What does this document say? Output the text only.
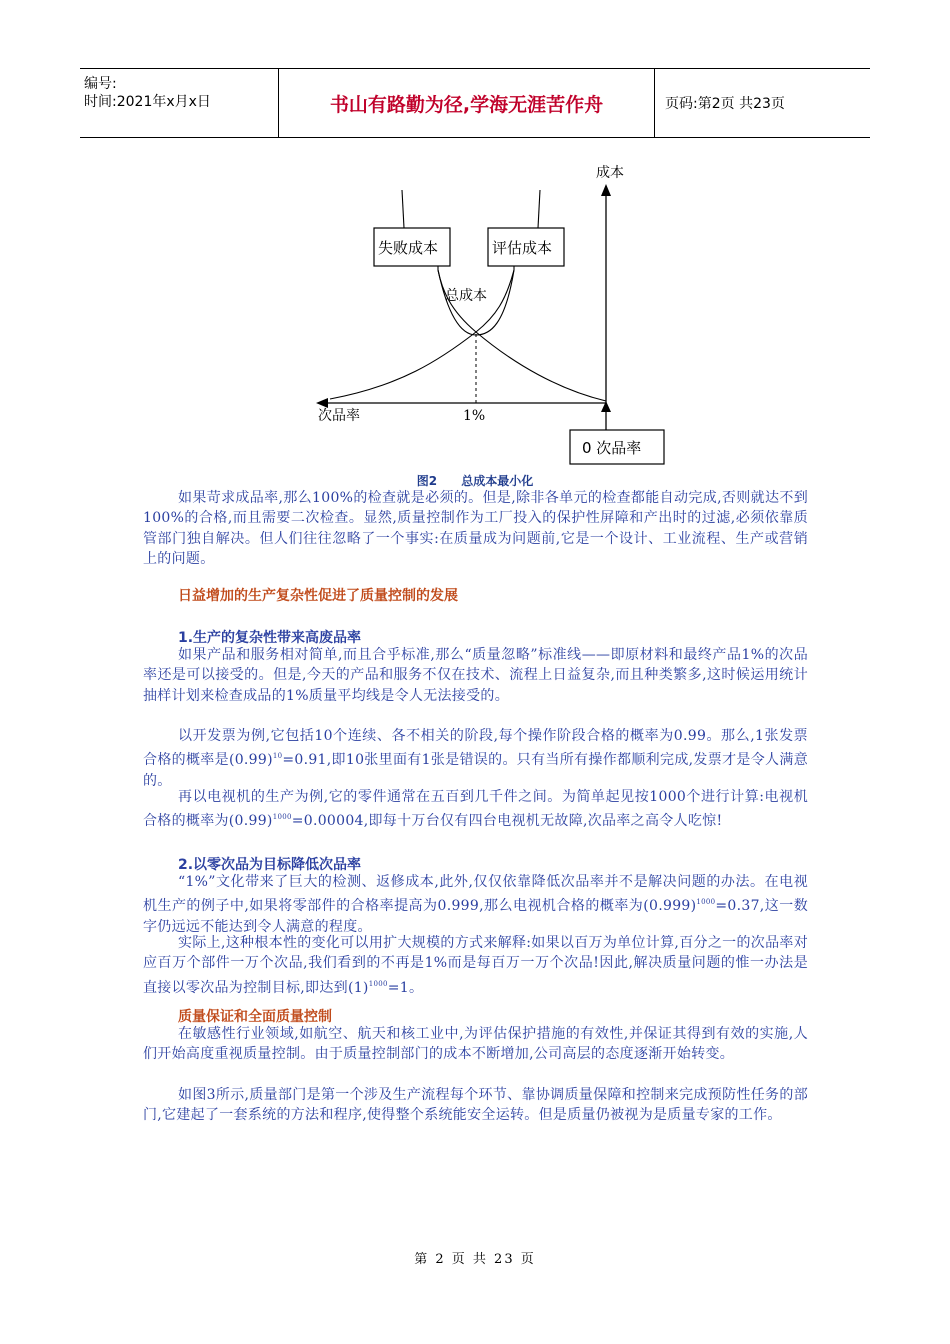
编号:
时间:2021年x月x日	书山有路勤为径,学海无涯苦作舟	页码:第2页 共23页
成本
次品率
0 次品率
总成本
1%
失败成本	评估成本
图2 总成本最小化

如果苛求成品率,那么100%的检查就是必须的。但是,除非各单元的检查都能自动完成,否则就达不到100%的合格,而且需要二次检查。显然,质量控制作为工厂投入的保护性屏障和产出时的过滤,必须依靠质管部门独自解决。但人们往往忽略了一个事实:在质量成为问题前,它是一个设计、工业流程、生产或营销上的问题。

日益增加的生产复杂性促进了质量控制的发展
1.生产的复杂性带来高废品率

如果产品和服务相对简单,而且合乎标准,那么“质量忽略”标准线——即原材料和最终产品1%的次品率还是可以接受的。但是,今天的产品和服务不仅在技术、流程上日益复杂,而且种类繁多,这时候运用统计抽样计划来检查成品的1%质量平均线是令人无法接受的。

以开发票为例,它包括10个连续、各不相关的阶段,每个操作阶段合格的概率为0.99。那么,1张发票合格的概率是$(0.99)^{10}=0.91$,即10张里面有1张是错误的。只有当所有操作都顺利完成,发票才是令人满意的。

再以电视机的生产为例,它的零件通常在五百到几千件之间。为简单起见按1000个进行计算:电视机合格的概率为$(0.99)^{1000}=0.00004$,即每十万台仅有四台电视机无故障,次品率之高令人吃惊!

2.以零次品为目标降低次品率

“1%”文化带来了巨大的检测、返修成本,此外,仅仅依靠降低次品率并不是解决问题的办法。在电视机生产的例子中,如果将零部件的合格率提高为0.999,那么电视机合格的概率为$(0.999)^{1000}=0.37$,这一数字仍远远不能达到令人满意的程度。

实际上,这种根本性的变化可以用扩大规模的方式来解释:如果以百万为单位计算,百分之一的次品率对应百万个部件一万个次品,我们看到的不再是1%而是每百万一万个次品!因此,解决质量问题的惟一办法是直接以零次品为控制目标,即达到$(1)^{1000}=1$。

质量保证和全面质量控制

在敏感性行业领域,如航空、航天和核工业中,为评估保护措施的有效性,并保证其得到有效的实施,人们开始高度重视质量控制。由于质量控制部门的成本不断增加,公司高层的态度逐渐开始转变。

如图3所示,质量部门是第一个涉及生产流程每个环节、靠协调质量保障和控制来完成预防性任务的部门,它建起了一套系统的方法和程序,使得整个系统能安全运转。但是质量仍被视为是质量专家的工作。

第 2 页 共 23 页
